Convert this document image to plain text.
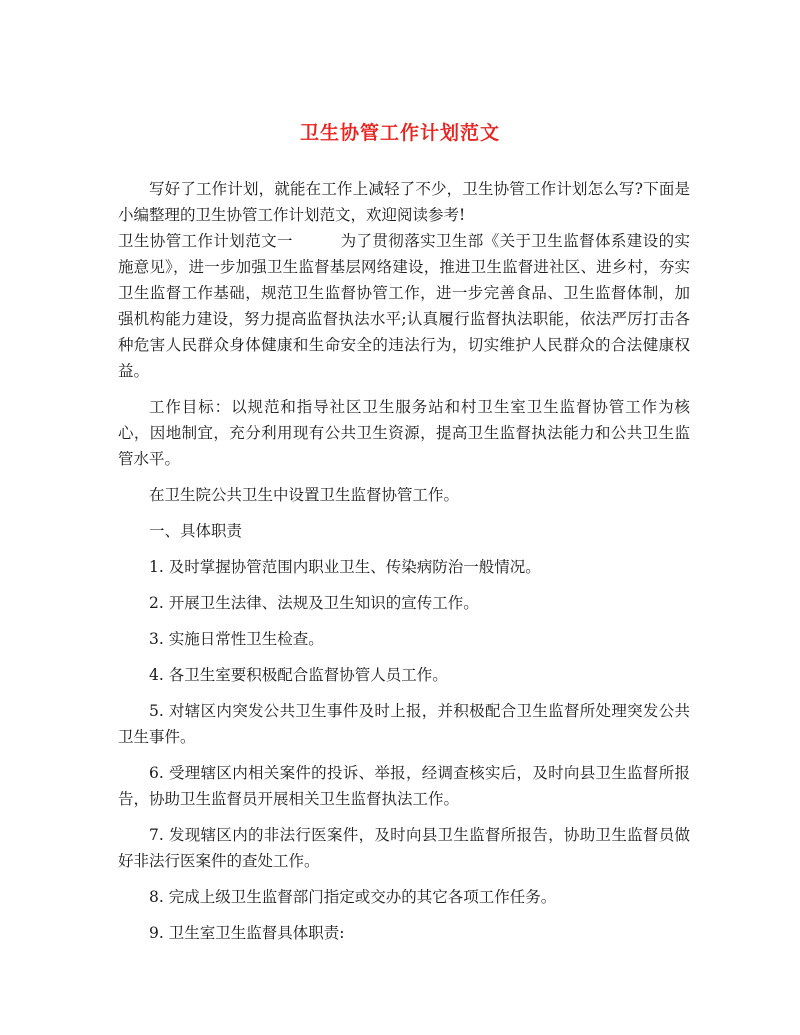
卫生协管工作计划范文

写好了工作计划，就能在工作上减轻了不少，卫生协管工作计划怎么写?下面是小编整理的卫生协管工作计划范文，欢迎阅读参考!

卫生协管工作计划范文一　　　为了贯彻落实卫生部《关于卫生监督体系建设的实施意见》，进一步加强卫生监督基层网络建设，推进卫生监督进社区、进乡村，夯实卫生监督工作基础，规范卫生监督协管工作，进一步完善食品、卫生监督体制，加强机构能力建设，努力提高监督执法水平;认真履行监督执法职能，依法严厉打击各种危害人民群众身体健康和生命安全的违法行为，切实维护人民群众的合法健康权益。

工作目标：以规范和指导社区卫生服务站和村卫生室卫生监督协管工作为核心，因地制宜，充分利用现有公共卫生资源，提高卫生监督执法能力和公共卫生监管水平。

在卫生院公共卫生中设置卫生监督协管工作。

一、具体职责

1. 及时掌握协管范围内职业卫生、传染病防治一般情况。

2. 开展卫生法律、法规及卫生知识的宣传工作。

3. 实施日常性卫生检查。

4. 各卫生室要积极配合监督协管人员工作。

5. 对辖区内突发公共卫生事件及时上报，并积极配合卫生监督所处理突发公共卫生事件。

6. 受理辖区内相关案件的投诉、举报，经调查核实后，及时向县卫生监督所报告，协助卫生监督员开展相关卫生监督执法工作。

7. 发现辖区内的非法行医案件，及时向县卫生监督所报告，协助卫生监督员做好非法行医案件的查处工作。

8. 完成上级卫生监督部门指定或交办的其它各项工作任务。

9. 卫生室卫生监督具体职责:
